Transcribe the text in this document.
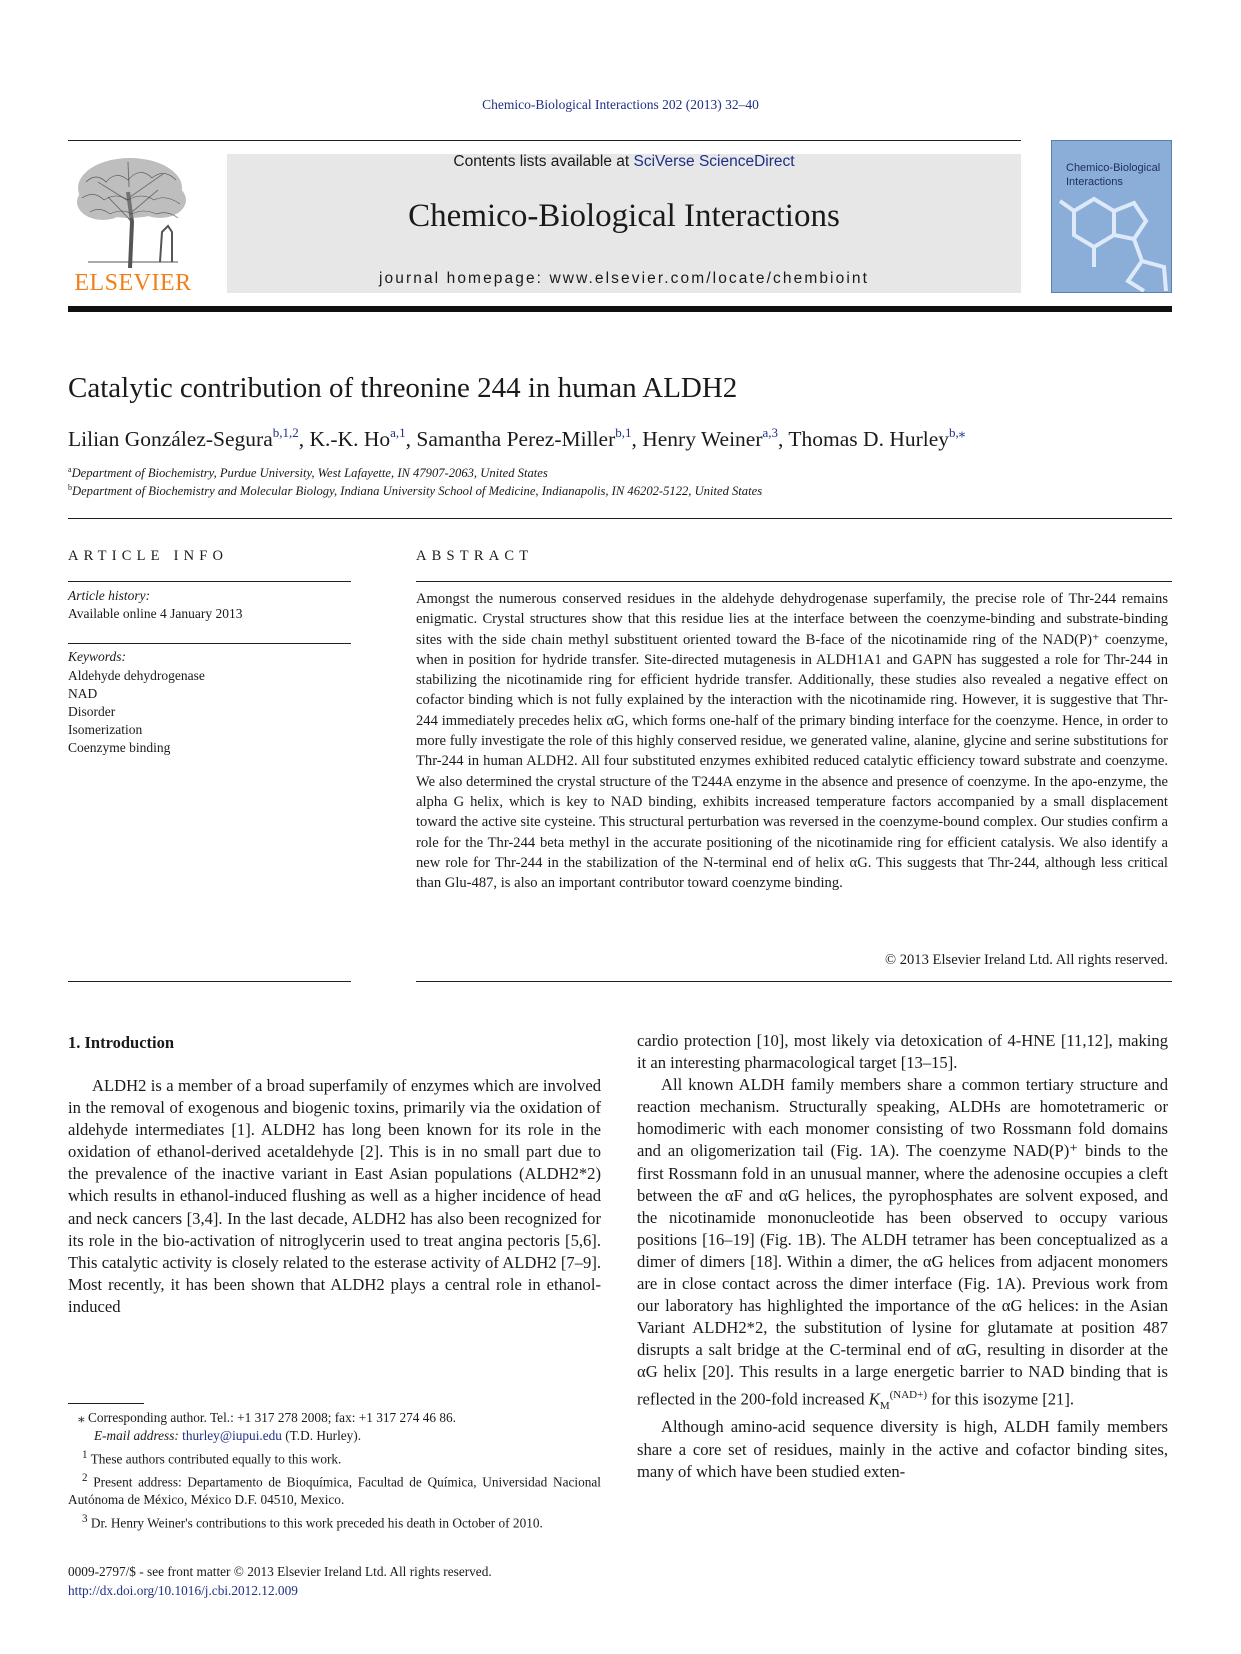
Chemico-Biological Interactions 202 (2013) 32–40
ELSEVIER
Contents lists available at SciVerse ScienceDirect
Chemico-Biological Interactions
journal homepage: www.elsevier.com/locate/chembioint
Chemico-Biological
Interactions
Catalytic contribution of threonine 244 in human ALDH2
Lilian González-Segura$^{b,1,2}$, K.-K. Ho$^{a,1}$, Samantha Perez-Miller$^{b,1}$, Henry Weiner$^{a,3}$, Thomas D. Hurley$^{b,⁎}$
$^a$Department of Biochemistry, Purdue University, West Lafayette, IN 47907-2063, United States
$^b$Department of Biochemistry and Molecular Biology, Indiana University School of Medicine, Indianapolis, IN 46202-5122, United States
ARTICLE INFO
Article history:
Available online 4 January 2013
Keywords:
Aldehyde dehydrogenase
NAD
Disorder
Isomerization
Coenzyme binding
ABSTRACT
Amongst the numerous conserved residues in the aldehyde dehydrogenase superfamily, the precise role of Thr-244 remains enigmatic. Crystal structures show that this residue lies at the interface between the coenzyme-binding and substrate-binding sites with the side chain methyl substituent oriented toward the B-face of the nicotinamide ring of the NAD(P)⁺ coenzyme, when in position for hydride transfer. Site-directed mutagenesis in ALDH1A1 and GAPN has suggested a role for Thr-244 in stabilizing the nicotinamide ring for efficient hydride transfer. Additionally, these studies also revealed a negative effect on cofactor binding which is not fully explained by the interaction with the nicotinamide ring. However, it is suggestive that Thr-244 immediately precedes helix αG, which forms one-half of the primary binding interface for the coenzyme. Hence, in order to more fully investigate the role of this highly conserved residue, we generated valine, alanine, glycine and serine substitutions for Thr-244 in human ALDH2. All four substituted enzymes exhibited reduced catalytic efficiency toward substrate and coenzyme. We also determined the crystal structure of the T244A enzyme in the absence and presence of coenzyme. In the apo-enzyme, the alpha G helix, which is key to NAD binding, exhibits increased temperature factors accompanied by a small displacement toward the active site cysteine. This structural perturbation was reversed in the coenzyme-bound complex. Our studies confirm a role for the Thr-244 beta methyl in the accurate positioning of the nicotinamide ring for efficient catalysis. We also identify a new role for Thr-244 in the stabilization of the N-terminal end of helix αG. This suggests that Thr-244, although less critical than Glu-487, is also an important contributor toward coenzyme binding.
© 2013 Elsevier Ireland Ltd. All rights reserved.
1. Introduction

ALDH2 is a member of a broad superfamily of enzymes which are involved in the removal of exogenous and biogenic toxins, primarily via the oxidation of aldehyde intermediates [1]. ALDH2 has long been known for its role in the oxidation of ethanol-derived acetaldehyde [2]. This is in no small part due to the prevalence of the inactive variant in East Asian populations (ALDH2*2) which results in ethanol-induced flushing as well as a higher incidence of head and neck cancers [3,4]. In the last decade, ALDH2 has also been recognized for its role in the bio-activation of nitroglycerin used to treat angina pectoris [5,6]. This catalytic activity is closely related to the esterase activity of ALDH2 [7–9]. Most recently, it has been shown that ALDH2 plays a central role in ethanol-induced

cardio protection [10], most likely via detoxication of 4-HNE [11,12], making it an interesting pharmacological target [13–15].

All known ALDH family members share a common tertiary structure and reaction mechanism. Structurally speaking, ALDHs are homotetrameric or homodimeric with each monomer consisting of two Rossmann fold domains and an oligomerization tail (Fig. 1A). The coenzyme NAD(P)⁺ binds to the first Rossmann fold in an unusual manner, where the adenosine occupies a cleft between the αF and αG helices, the pyrophosphates are solvent exposed, and the nicotinamide mononucleotide has been observed to occupy various positions [16–19] (Fig. 1B). The ALDH tetramer has been conceptualized as a dimer of dimers [18]. Within a dimer, the αG helices from adjacent monomers are in close contact across the dimer interface (Fig. 1A). Previous work from our laboratory has highlighted the importance of the αG helices: in the Asian Variant ALDH2*2, the substitution of lysine for glutamate at position 487 disrupts a salt bridge at the C-terminal end of αG, resulting in disorder at the αG helix [20]. This results in a large energetic barrier to NAD binding that is reflected in the 200-fold increased $K_M^{(NAD+)}$ for this isozyme [21].

Although amino-acid sequence diversity is high, ALDH family members share a core set of residues, mainly in the active and cofactor binding sites, many of which have been studied exten-

⁎ Corresponding author. Tel.: +1 317 278 2008; fax: +1 317 274 46 86.
E-mail address: thurley@iupui.edu (T.D. Hurley).
$^1$ These authors contributed equally to this work.
$^2$ Present address: Departamento de Bioquímica, Facultad de Química, Universidad Nacional Autónoma de México, México D.F. 04510, Mexico.
$^3$ Dr. Henry Weiner's contributions to this work preceded his death in October of 2010.
0009-2797/$ - see front matter © 2013 Elsevier Ireland Ltd. All rights reserved.
http://dx.doi.org/10.1016/j.cbi.2012.12.009
